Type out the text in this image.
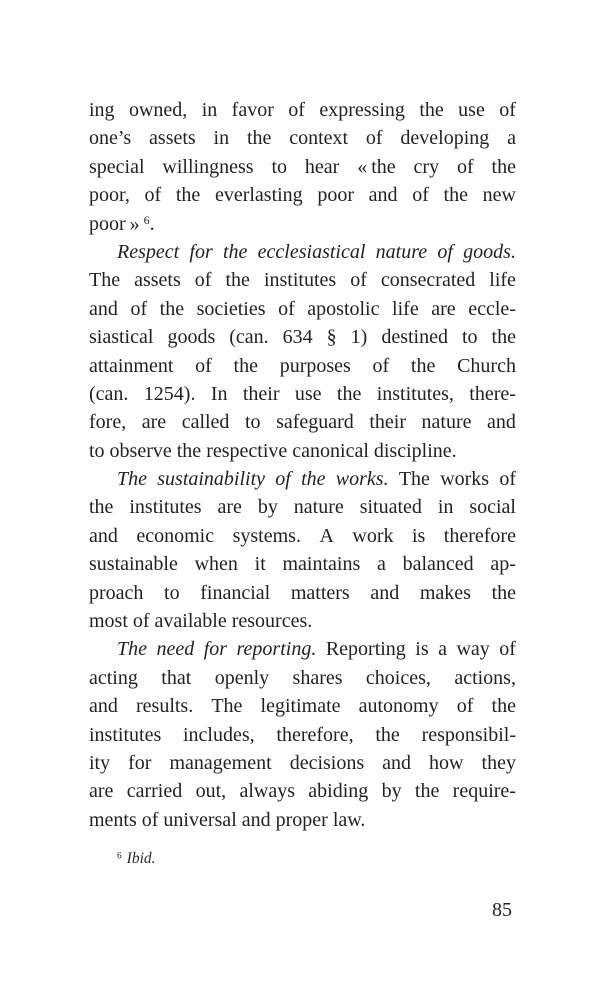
ing owned, in favor of expressing the use of
one’s assets in the context of developing a
special willingness to hear « the cry of the
poor, of the everlasting poor and of the new
poor » $^6$.
Respect for the ecclesiastical nature of goods.
The assets of the institutes of consecrated life
and of the societies of apostolic life are eccle-
siastical goods (can. 634 § 1) destined to the
attainment of the purposes of the Church
(can. 1254). In their use the institutes, there-
fore, are called to safeguard their nature and
to observe the respective canonical discipline.
The sustainability of the works. The works of
the institutes are by nature situated in social
and economic systems. A work is therefore
sustainable when it maintains a balanced ap-
proach to financial matters and makes the
most of available resources.
The need for reporting. Reporting is a way of
acting that openly shares choices, actions,
and results. The legitimate autonomy of the
institutes includes, therefore, the responsibil-
ity for management decisions and how they
are carried out, always abiding by the require-
ments of universal and proper law.
$^6$ Ibid.
85
